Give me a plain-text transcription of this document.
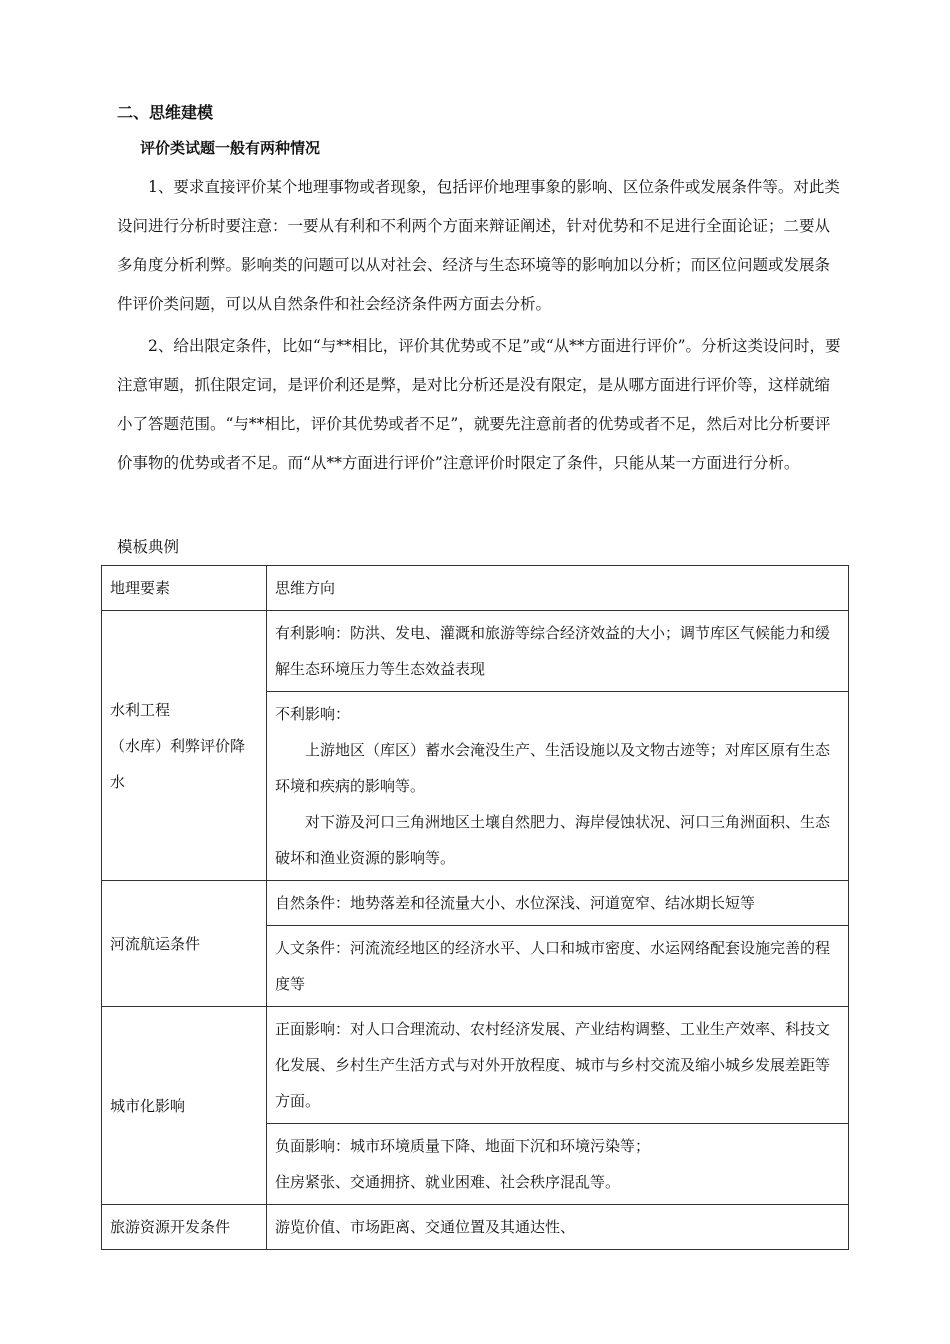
二、思维建模
评价类试题一般有两种情况

1、要求直接评价某个地理事物或者现象，包括评价地理事象的影响、区位条件或发展条件等。对此类设问进行分析时要注意：一要从有利和不利两个方面来辩证阐述，针对优势和不足进行全面论证；二要从多角度分析利弊。影响类的问题可以从对社会、经济与生态环境等的影响加以分析；而区位问题或发展条件评价类问题，可以从自然条件和社会经济条件两方面去分析。

2、给出限定条件，比如“与**相比，评价其优势或不足”或“从**方面进行评价”。分析这类设问时，要注意审题，抓住限定词，是评价利还是弊，是对比分析还是没有限定，是从哪方面进行评价等，这样就缩小了答题范围。“与**相比，评价其优势或者不足”，就要先注意前者的优势或者不足，然后对比分析要评价事物的优势或者不足。而“从**方面进行评价”注意评价时限定了条件，只能从某一方面进行分析。

模板典例
地理要素	思维方向
水利工程
（水库）利弊评价降水	有利影响：防洪、发电、灌溉和旅游等综合经济效益的大小；调节库区气候能力和缓解生态环境压力等生态效益表现

	不利影响：
上游地区（库区）蓄水会淹没生产、生活设施以及文物古迹等；对库区原有生态环境和疾病的影响等。
对下游及河口三角洲地区土壤自然肥力、海岸侵蚀状况、河口三角洲面积、生态破坏和渔业资源的影响等。

河流航运条件	自然条件：地势落差和径流量大小、水位深浅、河道宽窄、结冰期长短等
	人文条件：河流流经地区的经济水平、人口和城市密度、水运网络配套设施完善的程度等
城市化影响	正面影响：对人口合理流动、农村经济发展、产业结构调整、工业生产效率、科技文化发展、乡村生产生活方式与对外开放程度、城市与乡村交流及缩小城乡发展差距等方面。

	负面影响：城市环境质量下降、地面下沉和环境污染等；
住房紧张、交通拥挤、就业困难、社会秩序混乱等。

旅游资源开发条件	游览价值、市场距离、交通位置及其通达性、
